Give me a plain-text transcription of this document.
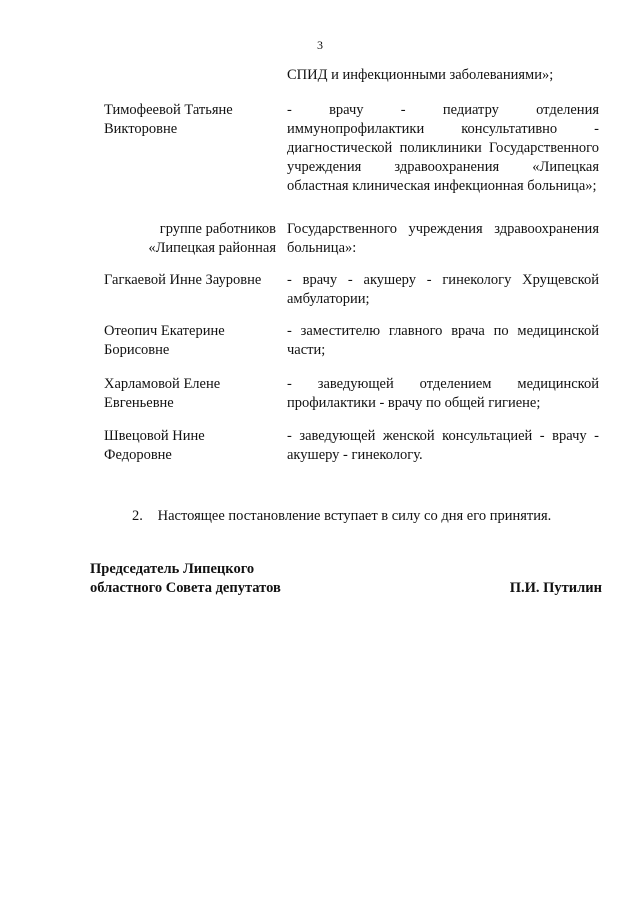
3
СПИД и инфекционными заболеваниями»;
Тимофеевой Татьяне Викторовне
- врачу - педиатру отделения иммунопрофилактики консультативно - диагностической поликлиники Государственного учреждения здравоохранения «Липецкая областная клиническая инфекционная больница»;
группе работников «Липецкая районная
Государственного учреждения здравоохранения больница»:
Гагкаевой Инне Зауровне	- врачу - акушеру - гинекологу Хрущевской амбулатории;
Отеопич Екатерине Борисовне
- заместителю главного врача по медицинской части;
Харламовой Елене Евгеньевне
- заведующей отделением медицинской профилактики - врачу по общей гигиене;
Швецовой Нине Федоровне
- заведующей женской консультацией - врачу - акушеру - гинекологу.
2. Настоящее постановление вступает в силу со дня его принятия.
Председатель Липецкого
областного Совета депутатов	П.И. Путилин
